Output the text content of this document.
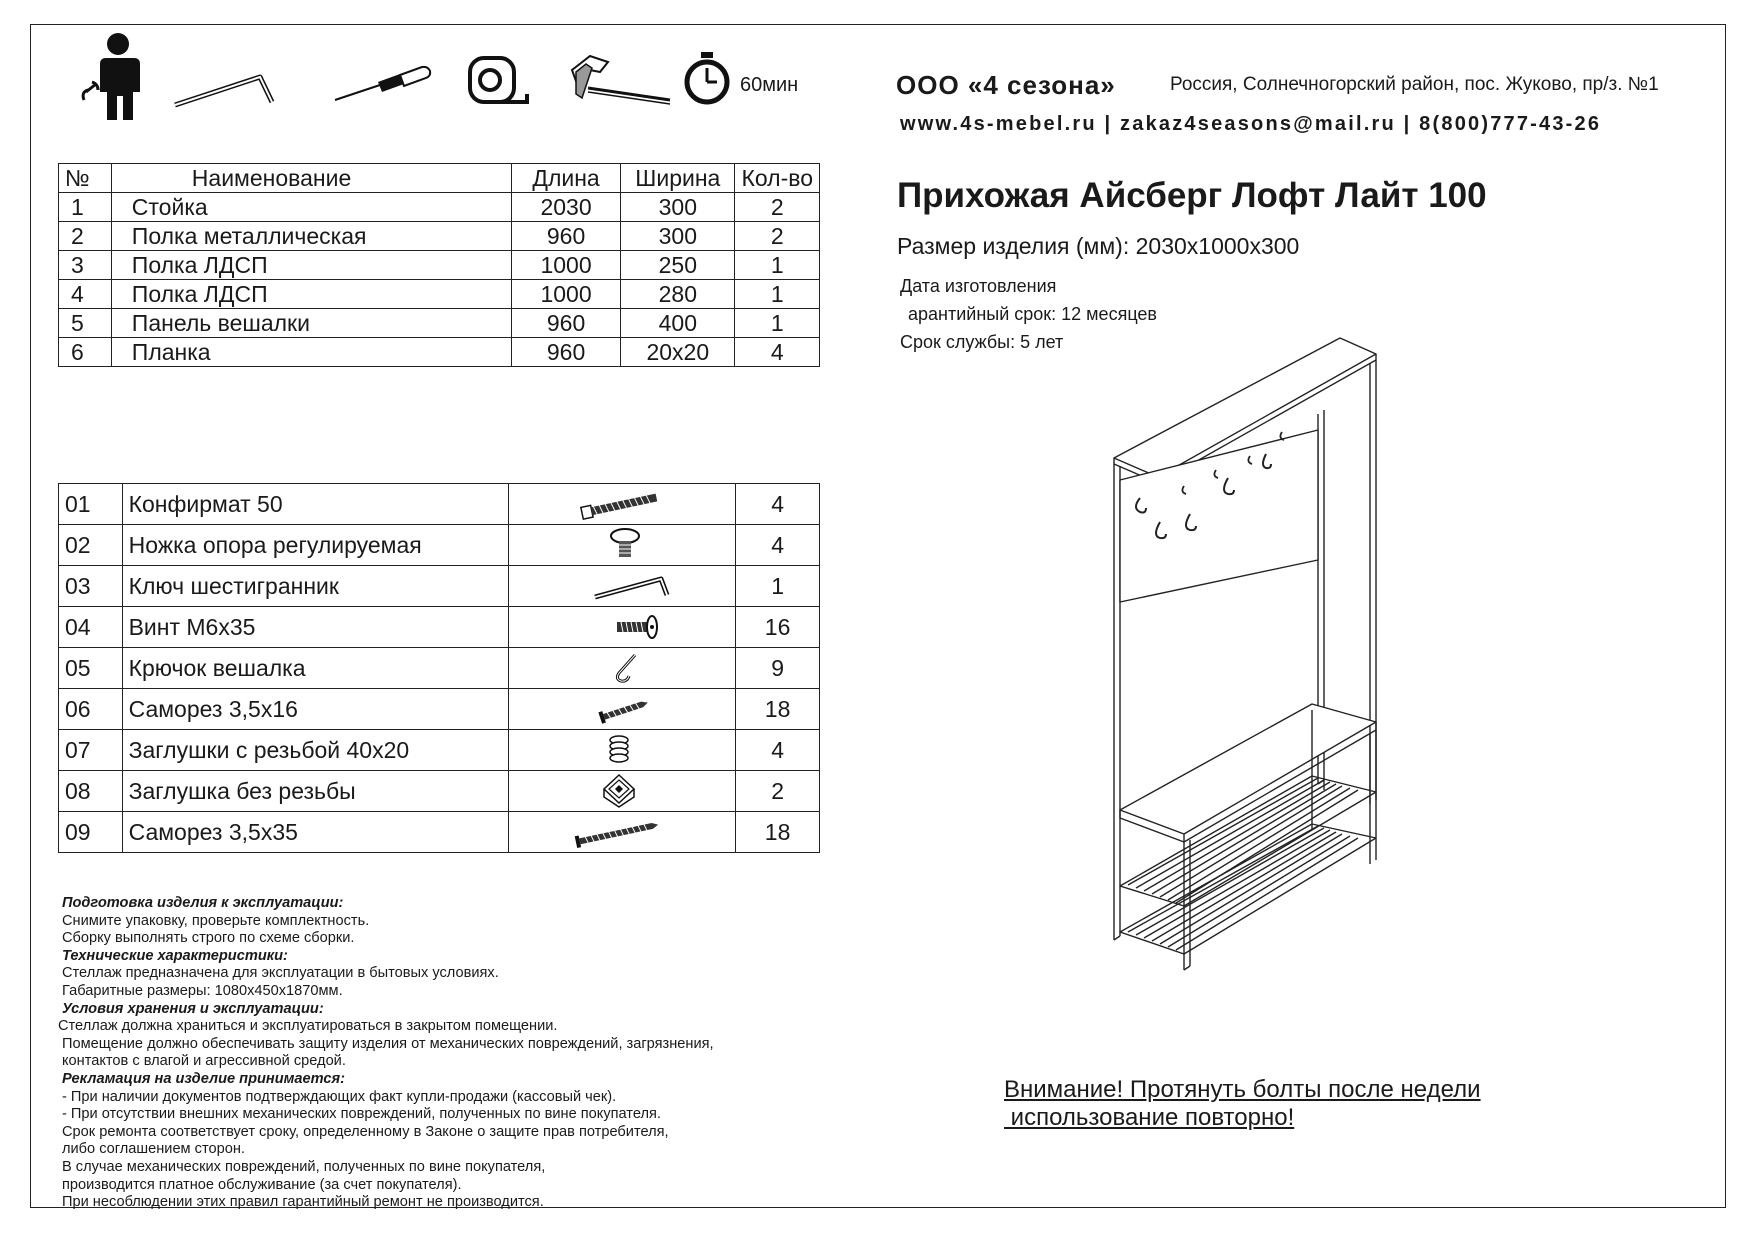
60мин	ООО «4 сезона»	Россия, Солнечногорский район, пос. Жуково, пр/з. №1
www.4s-mebel.ru | zakaz4seasons@mail.ru | 8(800)777-43-26
Прихожая Айсберг Лофт Лайт 100
Размер изделия (мм): 2030х1000х300
Дата изготовления
арантийный срок: 12 месяцев
Срок службы: 5 лет
№	Наименование	Длина	Ширина	Кол-во
1	Стойка	2030	300	2
2	Полка металлическая	960	300	2
3	Полка ЛДСП	1000	250	1
4	Полка ЛДСП	1000	280	1
5	Панель вешалки	960	400	1
6	Планка	960	20х20	4
01	Конфирмат 50		4
02	Ножка опора регулируемая		4
03	Ключ шестигранник		1
04	Винт М6х35		16
05	Крючок вешалка		9
06	Саморез 3,5х16		18
07	Заглушки с резьбой 40х20		4
08	Заглушка без резьбы		2
09	Саморез 3,5х35		18
Подготовка изделия к эксплуатации:
Снимите упаковку, проверьте комплектность.
Сборку выполнять строго по схеме сборки.
Технические характеристики:
Стеллаж предназначена для эксплуатации в бытовых условиях.
Габаритные размеры: 1080х450х1870мм.
Условия хранения и эксплуатации:
Стеллаж должна храниться и эксплуатироваться в закрытом помещении.
Помещение должно обеспечивать защиту изделия от механических повреждений, загрязнения,
контактов с влагой и агрессивной средой.
Рекламация на изделие принимается:
- При наличии документов подтверждающих факт купли-продажи (кассовый чек).
- При отсутствии внешних механических повреждений, полученных по вине покупателя.
Срок ремонта соответствует сроку, определенному в Законе о защите прав потребителя,
либо соглашением сторон.
В случае механических повреждений, полученных по вине покупателя,
производится платное обслуживание (за счет покупателя).
При несоблюдении этих правил гарантийный ремонт не производится.
Внимание! Протянуть болты после недели
использование повторно!
